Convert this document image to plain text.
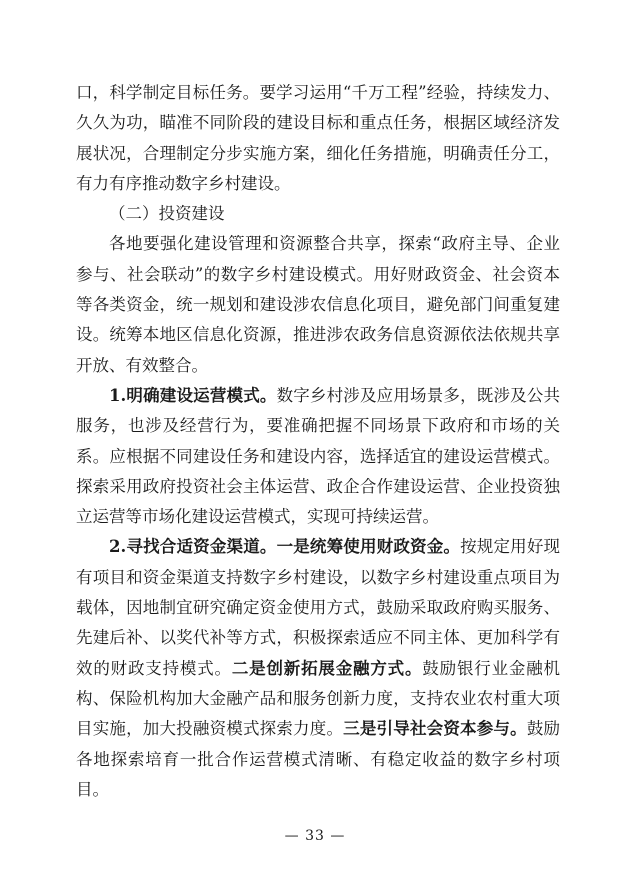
口，科学制定目标任务。要学习运用“千万工程”经验，持续发力、久久为功，瞄准不同阶段的建设目标和重点任务，根据区域经济发展状况，合理制定分步实施方案，细化任务措施，明确责任分工，有力有序推动数字乡村建设。

（二）投资建设

各地要强化建设管理和资源整合共享，探索“政府主导、企业参与、社会联动”的数字乡村建设模式。用好财政资金、社会资本等各类资金，统一规划和建设涉农信息化项目，避免部门间重复建设。统筹本地区信息化资源，推进涉农政务信息资源依法依规共享开放、有效整合。

1.明确建设运营模式。数字乡村涉及应用场景多，既涉及公共服务，也涉及经营行为，要准确把握不同场景下政府和市场的关系。应根据不同建设任务和建设内容，选择适宜的建设运营模式。探索采用政府投资社会主体运营、政企合作建设运营、企业投资独立运营等市场化建设运营模式，实现可持续运营。

2.寻找合适资金渠道。一是统筹使用财政资金。按规定用好现有项目和资金渠道支持数字乡村建设，以数字乡村建设重点项目为载体，因地制宜研究确定资金使用方式，鼓励采取政府购买服务、先建后补、以奖代补等方式，积极探索适应不同主体、更加科学有效的财政支持模式。二是创新拓展金融方式。鼓励银行业金融机构、保险机构加大金融产品和服务创新力度，支持农业农村重大项目实施，加大投融资模式探索力度。三是引导社会资本参与。鼓励各地探索培育一批合作运营模式清晰、有稳定收益的数字乡村项目。

— 33 —
